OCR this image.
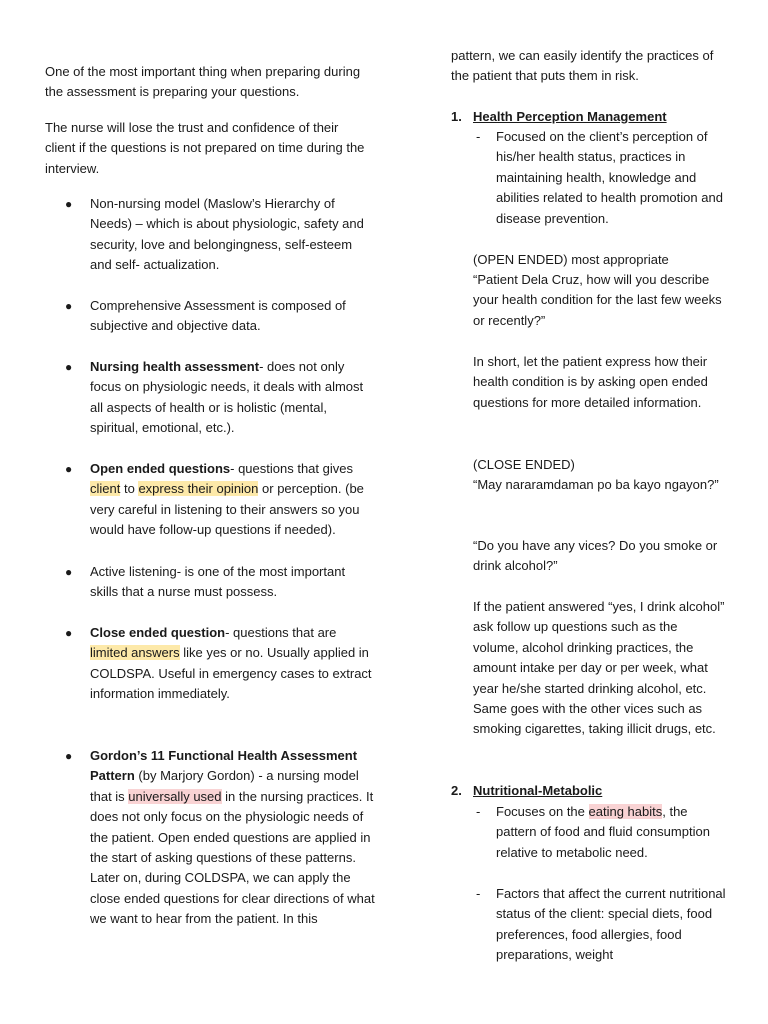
One of the most important thing when preparing during the assessment is preparing your questions.

The nurse will lose the trust and confidence of their client if the questions is not prepared on time during the interview.

● Non-nursing model (Maslow’s Hierarchy of Needs) – which is about physiologic, safety and security, love and belongingness, self-esteem and self- actualization.
● Comprehensive Assessment is composed of subjective and objective data.
● Nursing health assessment- does not only focus on physiologic needs, it deals with almost all aspects of health or is holistic (mental, spiritual, emotional, etc.).
● Open ended questions- questions that gives client to express their opinion or perception. (be very careful in listening to their answers so you would have follow-up questions if needed).
● Active listening- is one of the most important skills that a nurse must possess.
● Close ended question- questions that are limited answers like yes or no. Usually applied in COLDSPA. Useful in emergency cases to extract information immediately.
● Gordon’s 11 Functional Health Assessment Pattern (by Marjory Gordon) - a nursing model that is universally used in the nursing practices. It does not only focus on the physiologic needs of the patient. Open ended questions are applied in the start of asking questions of these patterns. Later on, during COLDSPA, we can apply the close ended questions for clear directions of what we want to hear from the patient. In this

pattern, we can easily identify the practices of the patient that puts them in risk.

1. Health Perception Management
- Focused on the client’s perception of his/her health status, practices in maintaining health, knowledge and abilities related to health promotion and disease prevention.

(OPEN ENDED) most appropriate

“Patient Dela Cruz, how will you describe your health condition for the last few weeks or recently?”

In short, let the patient express how their health condition is by asking open ended questions for more detailed information.

(CLOSE ENDED)

“May nararamdaman po ba kayo ngayon?”

“Do you have any vices? Do you smoke or drink alcohol?”

If the patient answered “yes, I drink alcohol” ask follow up questions such as the volume, alcohol drinking practices, the amount intake per day or per week, what year he/she started drinking alcohol, etc. Same goes with the other vices such as smoking cigarettes, taking illicit drugs, etc.

2. Nutritional-Metabolic
- Focuses on the eating habits, the pattern of food and fluid consumption relative to metabolic need.
- Factors that affect the current nutritional status of the client: special diets, food preferences, food allergies, food preparations, weight
